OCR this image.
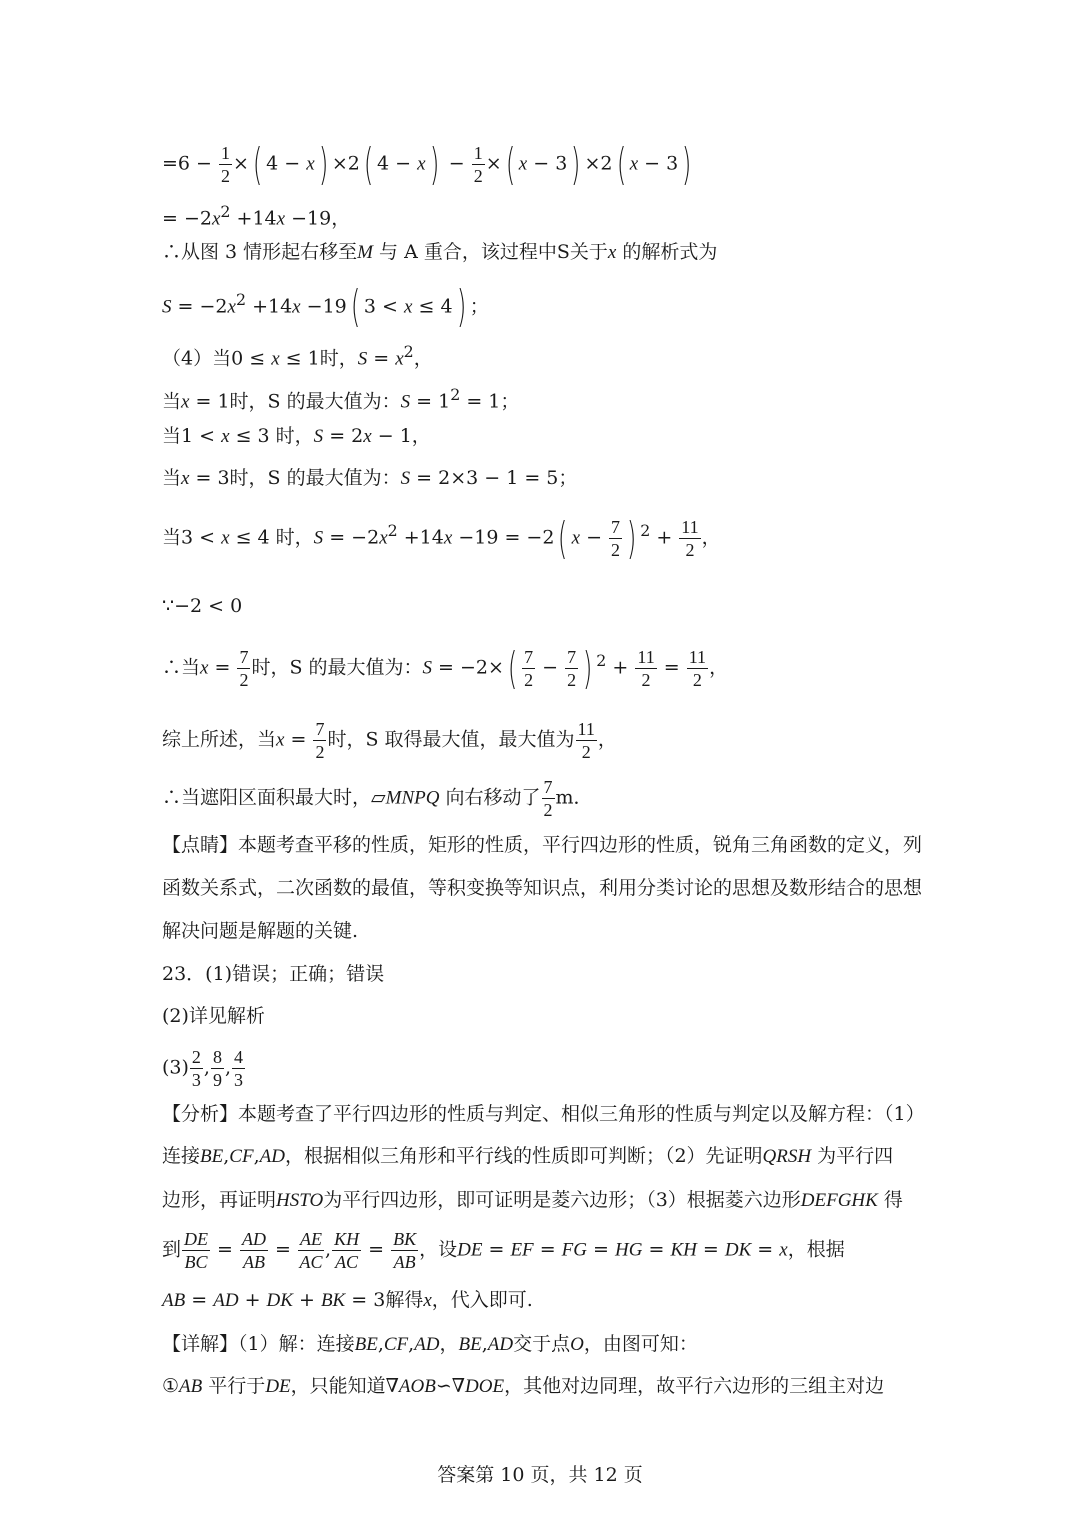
$=6 - \frac{1}{2}$ ×( 4 − x) ×2( $4 - x) - \frac{1}{2}$ ×( x − 3) ×2( x − 3)
= $-2x^2 +14x -19$，
∴从图 3 情形起右移至M 与 A 重合，该过程中S关于x 的解析式为
$S = -2x^2 +14x -19$( 3 < x ≤ 4) ；
（4）当0 ≤ x ≤ 1时，$S = x^2$，
当x = 1时，S 的最大值为：$S = 1^2 = 1$；
当1 < x ≤ 3 时，S = 2x − 1，
当x = 3时，S 的最大值为：S = 2×3 − 1 = 5；
当3 < x ≤ 4 时，$S = -2x^2 +14x -19 = -2$( $x - \frac{7}{2}$ ) $^2 + \frac{11}{2}$ ，
∵−2 < 0
∴当$x = \frac{7}{2}$ 时，S 的最大值为：$S = -2\times( \frac{7}{2} - \frac{7}{2}$ ) $^2 + \frac{11}{2} = \frac{11}{2}$ ，
综上所述，当$x = \frac{7}{2}$ 时，S 取得最大值，最大值为 $\frac{11}{2}$ ，
∴当遮阳区面积最大时，▱MNPQ 向右移动了 $\frac{7}{2}$ m．
【点睛】本题考查平移的性质，矩形的性质，平行四边形的性质，锐角三角函数的定义，列函数关系式，二次函数的最值，等积变换等知识点，利用分类讨论的思想及数形结合的思想解决问题是解题的关键.
23．(1)错误；正确；错误
(2)详见解析
$(3) \frac{2}{3}$ , $\frac{8}{9}$ , $\frac{4}{3}$
【分析】本题考查了平行四边形的性质与判定、相似三角形的性质与判定以及解方程：（1）
连接BE,CF,AD，根据相似三角形和平行线的性质即可判断；（2）先证明QRSH 为平行四
边形，再证明HSTO为平行四边形，即可证明是菱六边形；（3）根据菱六边形DEFGHK 得
到 $\frac{DE}{BC} = \frac{AD}{AB} = \frac{AE}{AC}$ , $\frac{KH}{AC} = \frac{BK}{AB}$ ，设DE = EF = FG = HG = KH = DK = x，根据
AB = AD + DK + BK = 3解得x，代入即可.
【详解】（1）解：连接BE,CF,AD，BE,AD交于点O，由图可知：
①AB 平行于DE，只能知道∇AOB∽∇DOE，其他对边同理，故平行六边形的三组主对边
答案第 10 页，共 12 页
